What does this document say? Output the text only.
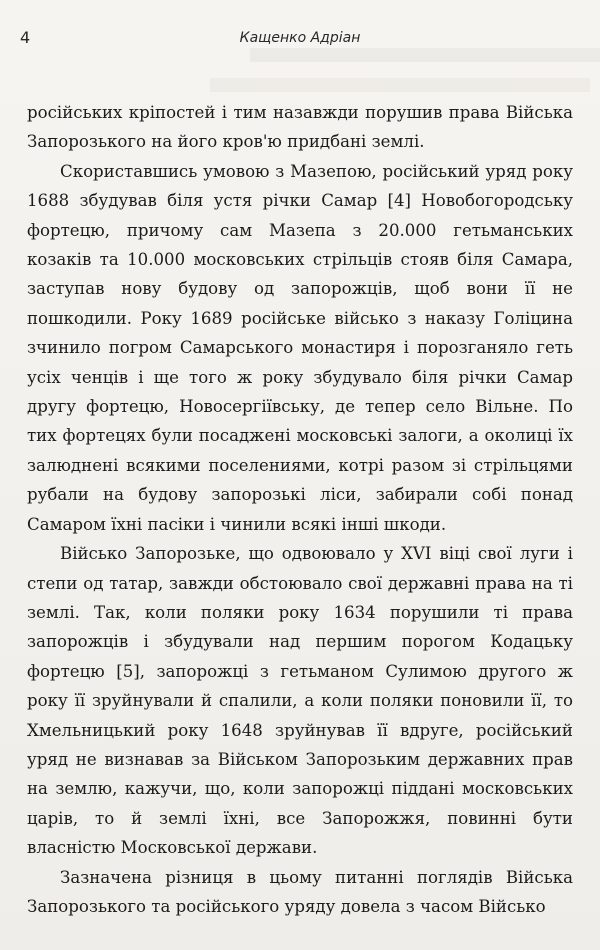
4	Кащенко Адріан

російських кріпостей і тим назавжди порушив права Війська Запорозького на його кров'ю придбані землі.

Скориставшись умовою з Мазепою, російський уряд року 1688 збудував біля устя річки Самар [4] Новобогородську фортецю, причому сам Мазепа з 20.000 гетьманських козаків та 10.000 московських стрільців стояв біля Самара, заступав нову будову од запорожців, щоб вони її не пошкодили. Року 1689 російське військо з наказу Голіцина зчинило погром Самарського монастиря і порозганяло геть усіх ченців і ще того ж року збудувало біля річки Самар другу фортецю, Новосергіївську, де тепер село Вільне. По тих фортецях були посаджені московські залоги, а околиці їх залюднені всякими поселениями, котрі разом зі стрільцями рубали на будову запорозькі ліси, забирали собі понад Самаром їхні пасіки і чинили всякі інші шкоди.

Військо Запорозьке, що одвоювало у XVI віці свої луги і степи од татар, завжди обстоювало свої державні права на ті землі. Так, коли поляки року 1634 порушили ті права запорожців і збудували над першим порогом Кодацьку фортецю [5], запорожці з гетьманом Сулимою другого ж року її зруйнували й спалили, а коли поляки поновили її, то Хмельницький року 1648 зруйнував її вдруге, російський уряд не визнавав за Військом Запорозьким державних прав на землю, кажучи, що, коли запорожці піддані московських царів, то й землі їхні, все Запорожжя, повинні бути власністю Московської держави.

Зазначена різниця в цьому питанні поглядів Війська Запорозького та російського уряду довела з часом Військо
